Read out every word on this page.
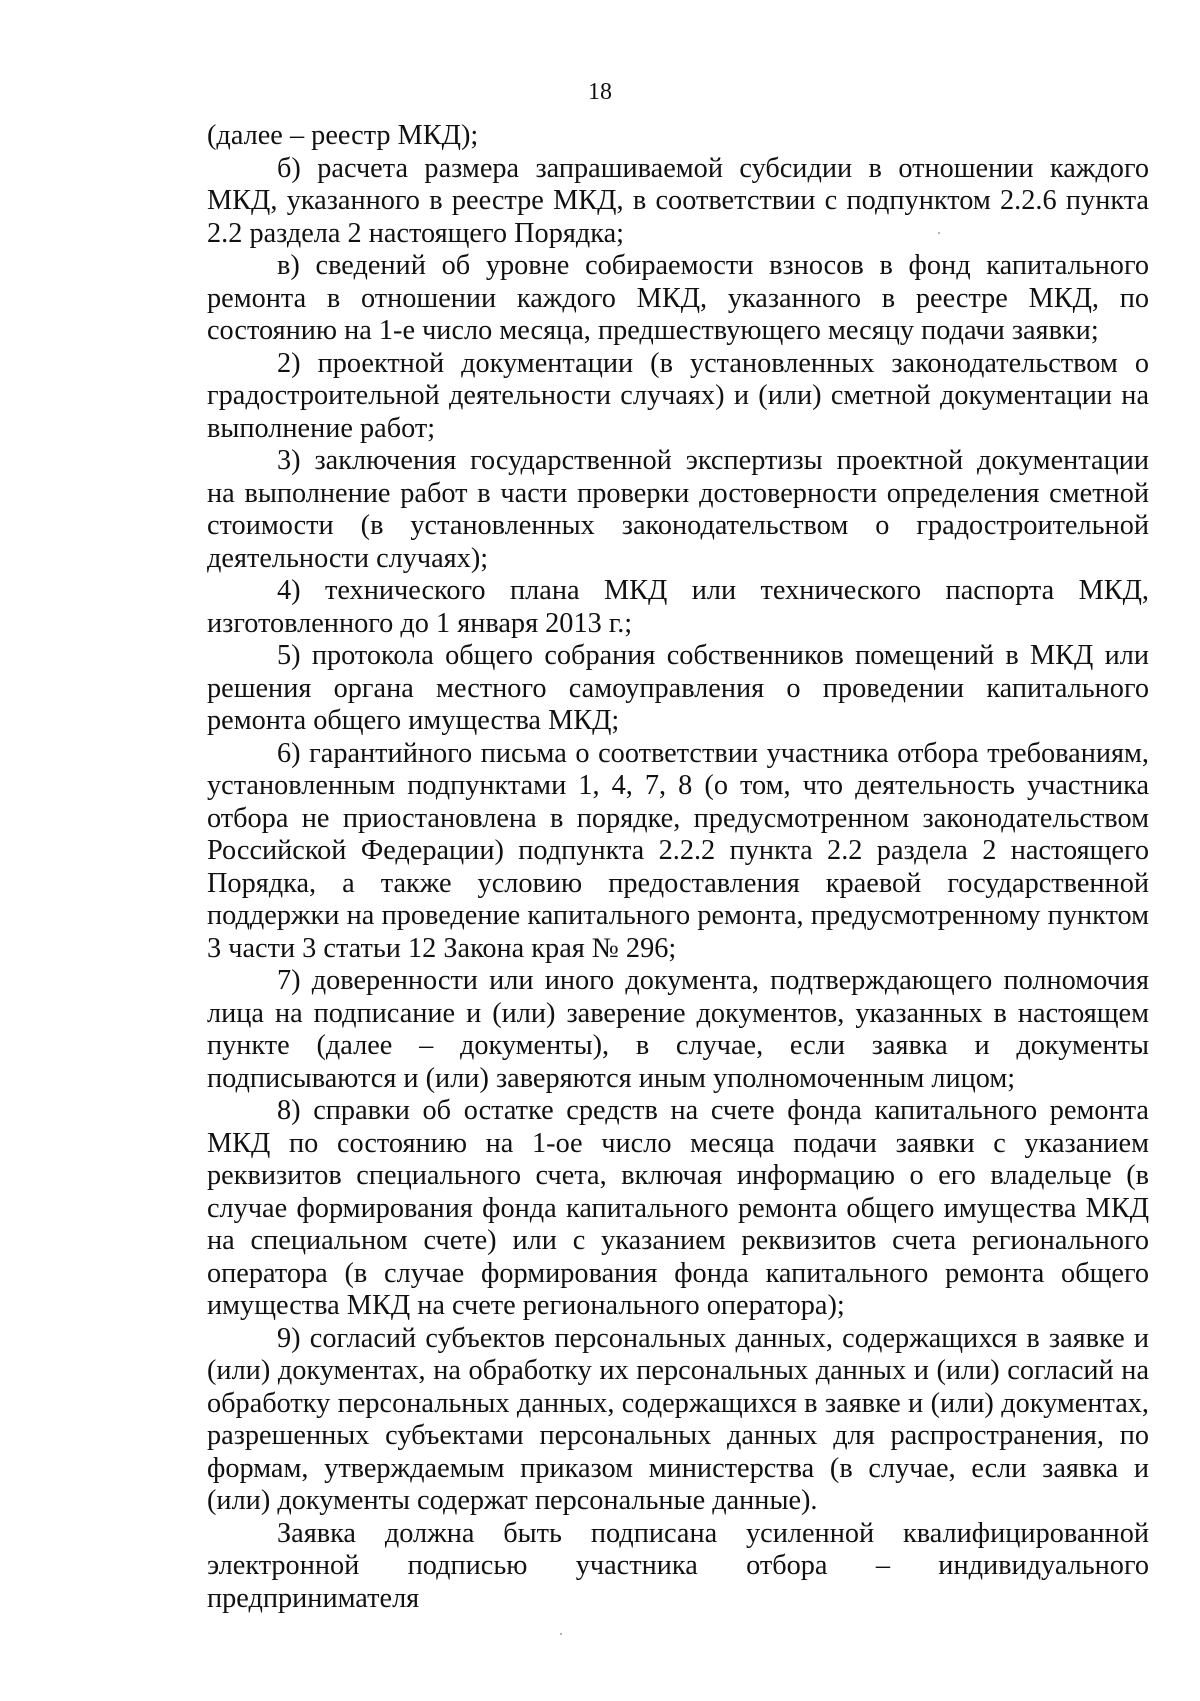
18

(далее – реестр МКД);

б) расчета размера запрашиваемой субсидии в отношении каждого МКД, указанного в реестре МКД, в соответствии с подпунктом 2.2.6 пункта 2.2 раздела 2 настоящего Порядка;

в) сведений об уровне собираемости взносов в фонд капитального ремонта в отношении каждого МКД, указанного в реестре МКД, по состоянию на 1-е число месяца, предшествующего месяцу подачи заявки;

2) проектной документации (в установленных законодательством о градостроительной деятельности случаях) и (или) сметной документации на выполнение работ;

3) заключения государственной экспертизы проектной документации на выполнение работ в части проверки достоверности определения сметной стоимости (в установленных законодательством о градостроительной деятельности случаях);

4) технического плана МКД или технического паспорта МКД, изготовленного до 1 января 2013 г.;

5) протокола общего собрания собственников помещений в МКД или решения органа местного самоуправления о проведении капитального ремонта общего имущества МКД;

6) гарантийного письма о соответствии участника отбора требованиям, установленным подпунктами 1, 4, 7, 8 (о том, что деятельность участника отбора не приостановлена в порядке, предусмотренном законодательством Российской Федерации) подпункта 2.2.2 пункта 2.2 раздела 2 настоящего Порядка, а также условию предоставления краевой государственной поддержки на проведение капитального ремонта, предусмотренному пунктом 3 части 3 статьи 12 Закона края № 296;

7) доверенности или иного документа, подтверждающего полномочия лица на подписание и (или) заверение документов, указанных в настоящем пункте (далее – документы), в случае, если заявка и документы подписываются и (или) заверяются иным уполномоченным лицом;

8) справки об остатке средств на счете фонда капитального ремонта МКД по состоянию на 1-ое число месяца подачи заявки с указанием реквизитов специального счета, включая информацию о его владельце (в случае формирования фонда капитального ремонта общего имущества МКД на специальном счете) или с указанием реквизитов счета регионального оператора (в случае формирования фонда капитального ремонта общего имущества МКД на счете регионального оператора);

9) согласий субъектов персональных данных, содержащихся в заявке и (или) документах, на обработку их персональных данных и (или) согласий на обработку персональных данных, содержащихся в заявке и (или) документах, разрешенных субъектами персональных данных для распространения, по формам, утверждаемым приказом министерства (в случае, если заявка и (или) документы содержат персональные данные).

Заявка должна быть подписана усиленной квалифицированной электронной подписью участника отбора – индивидуального предпринимателя
